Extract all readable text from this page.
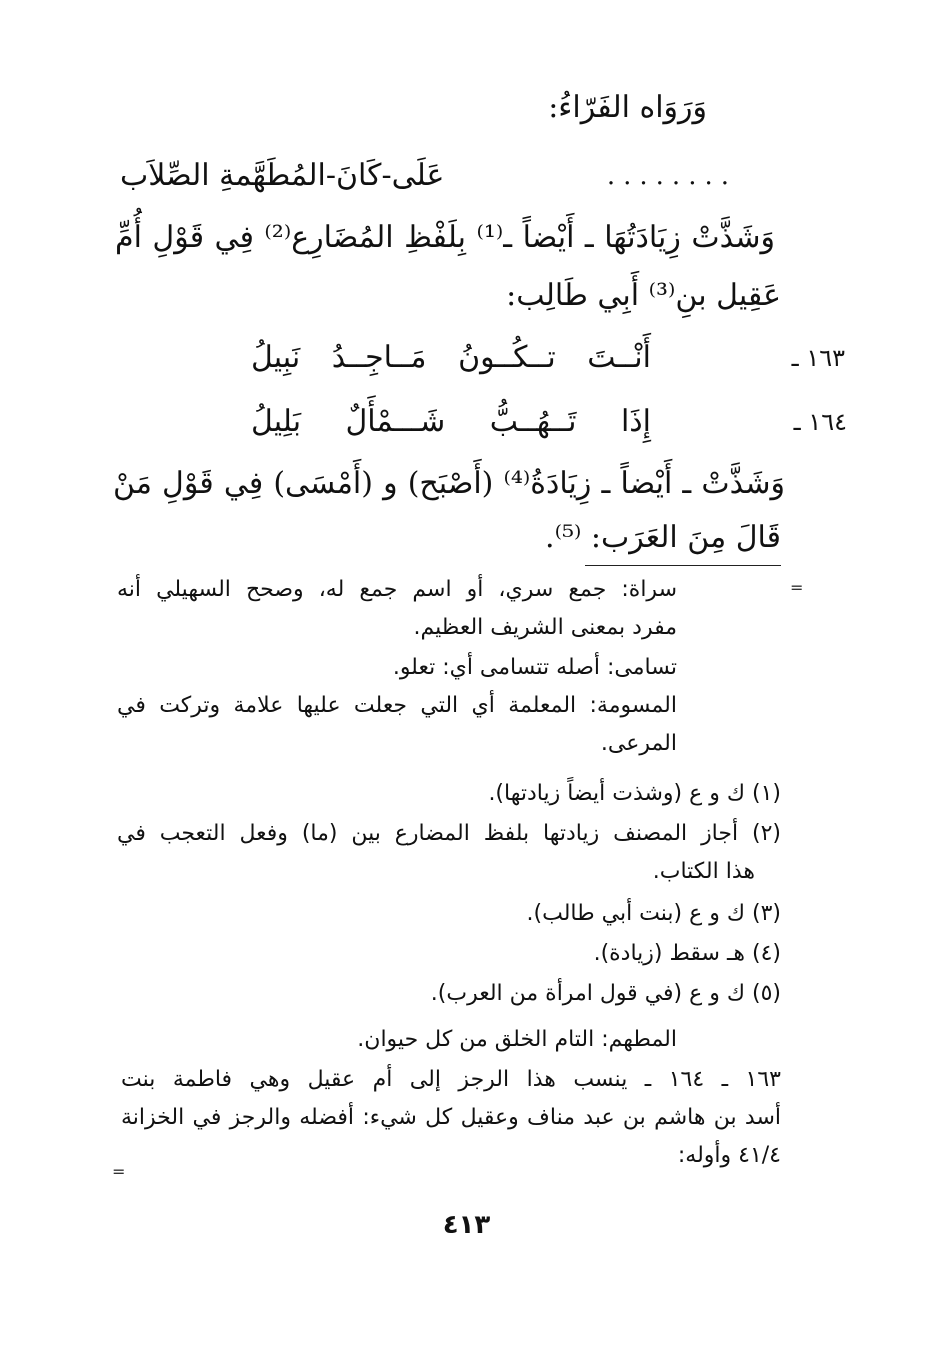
وَرَوَاه الفَرّاءُ:
........
عَلَى-كَانَ-المُطَهَّمةِ الصِّلاَب
وَشَذَّتْ زِيَادَتُهَا ـ أَيْضاً ـ⁽¹⁾ بِلَفْظِ المُضَارِع⁽²⁾ فِي قَوْلِ أُمِّ
عَقِيل بنِ⁽³⁾ أَبِي طَالِب:
١٦٣ ـ
أَنْــتَ
تــكُــونُ
مَــاجِــدُ
نَبِيلُ
١٦٤ ـ
إِذَا
تَــهُــبُّ
شَـــمْأَلٌ
بَلِيلُ
وَشَذَّتْ ـ أَيْضاً ـ زِيَادَةُ⁽⁴⁾ (أَصْبَح) و (أَمْسَى) فِي قَوْلِ مَنْ
قَالَ مِنَ العَرَب: ⁽⁵⁾.
=
سراة: جمع سري، أو اسم جمع له، وصحح السهيلي أنه
مفرد بمعنى الشريف العظيم.
تسامى: أصله تتسامى أي: تعلو.
المسومة: المعلمة أي التي جعلت عليها علامة وتركت في
المرعى.
(١) ك و ع (وشذت أيضاً زيادتها).
(٢) أجاز المصنف زيادتها بلفظ المضارع بين (ما) وفعل التعجب في
هذا الكتاب.
(٣) ك و ع (بنت أبي طالب).
(٤) هـ سقط (زيادة).
(٥) ك و ع (في قول امرأة من العرب).
المطهم: التام الخلق من كل حيوان.
١٦٣ ـ ١٦٤ ـ ينسب هذا الرجز إلى أم عقيل وهي فاطمة بنت
أسد بن هاشم بن عبد مناف وعقيل كل شيء: أفضله والرجز في الخزانة
٤١/٤ وأوله:
=
٤١٣
